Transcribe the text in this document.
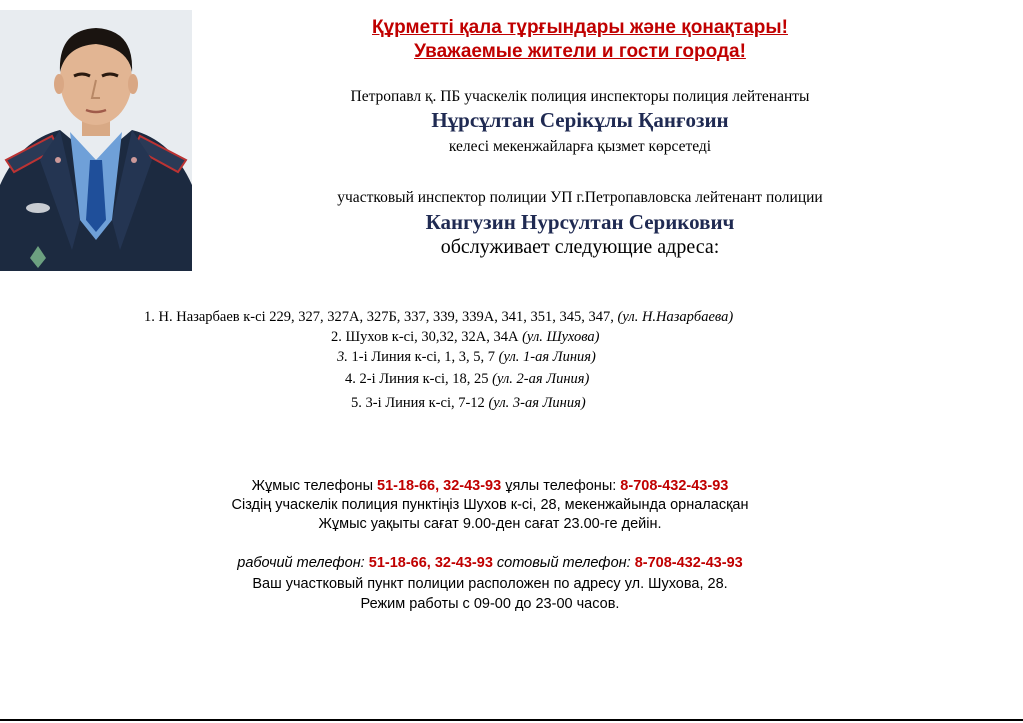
Құрметті қала тұрғындары және қонақтары!

Уважаемые жители и гости города!

Петропавл қ. ПБ учаскелік полиция инспекторы полиция лейтенанты
Нұрсұлтан Серікұлы Қанғозин
келесі мекенжайларға қызмет көрсетеді
участковый инспектор полиции УП г.Петропавловска лейтенант полиции
Кангузин Нурсултан Серикович
обслуживает следующие адреса:
1. Н. Назарбаев к-сі 229, 327, 327А, 327Б, 337, 339, 339А, 341, 351, 345, 347, (ул. Н.Назарбаева)
2. Шухов к-сі, 30,32, 32А, 34А (ул. Шухова)
3. 1-і Линия к-сі, 1, 3, 5, 7 (ул. 1-ая Линия)
4. 2-і Линия к-сі, 18, 25 (ул. 2-ая Линия)
5. 3-і Линия к-сі, 7-12 (ул. 3-ая Линия)
Жұмыс телефоны 51-18-66, 32-43-93 ұялы телефоны: 8-708-432-43-93
Сіздің учаскелік полиция пунктіңіз Шухов к-сі, 28, мекенжайында орналасқан
Жұмыс уақыты сағат 9.00-ден сағат 23.00-ге дейін.
рабочий телефон: 51-18-66, 32-43-93 сотовый телефон: 8-708-432-43-93
Ваш участковый пункт полиции расположен по адресу ул. Шухова, 28.
Режим работы с 09-00 до 23-00 часов.
